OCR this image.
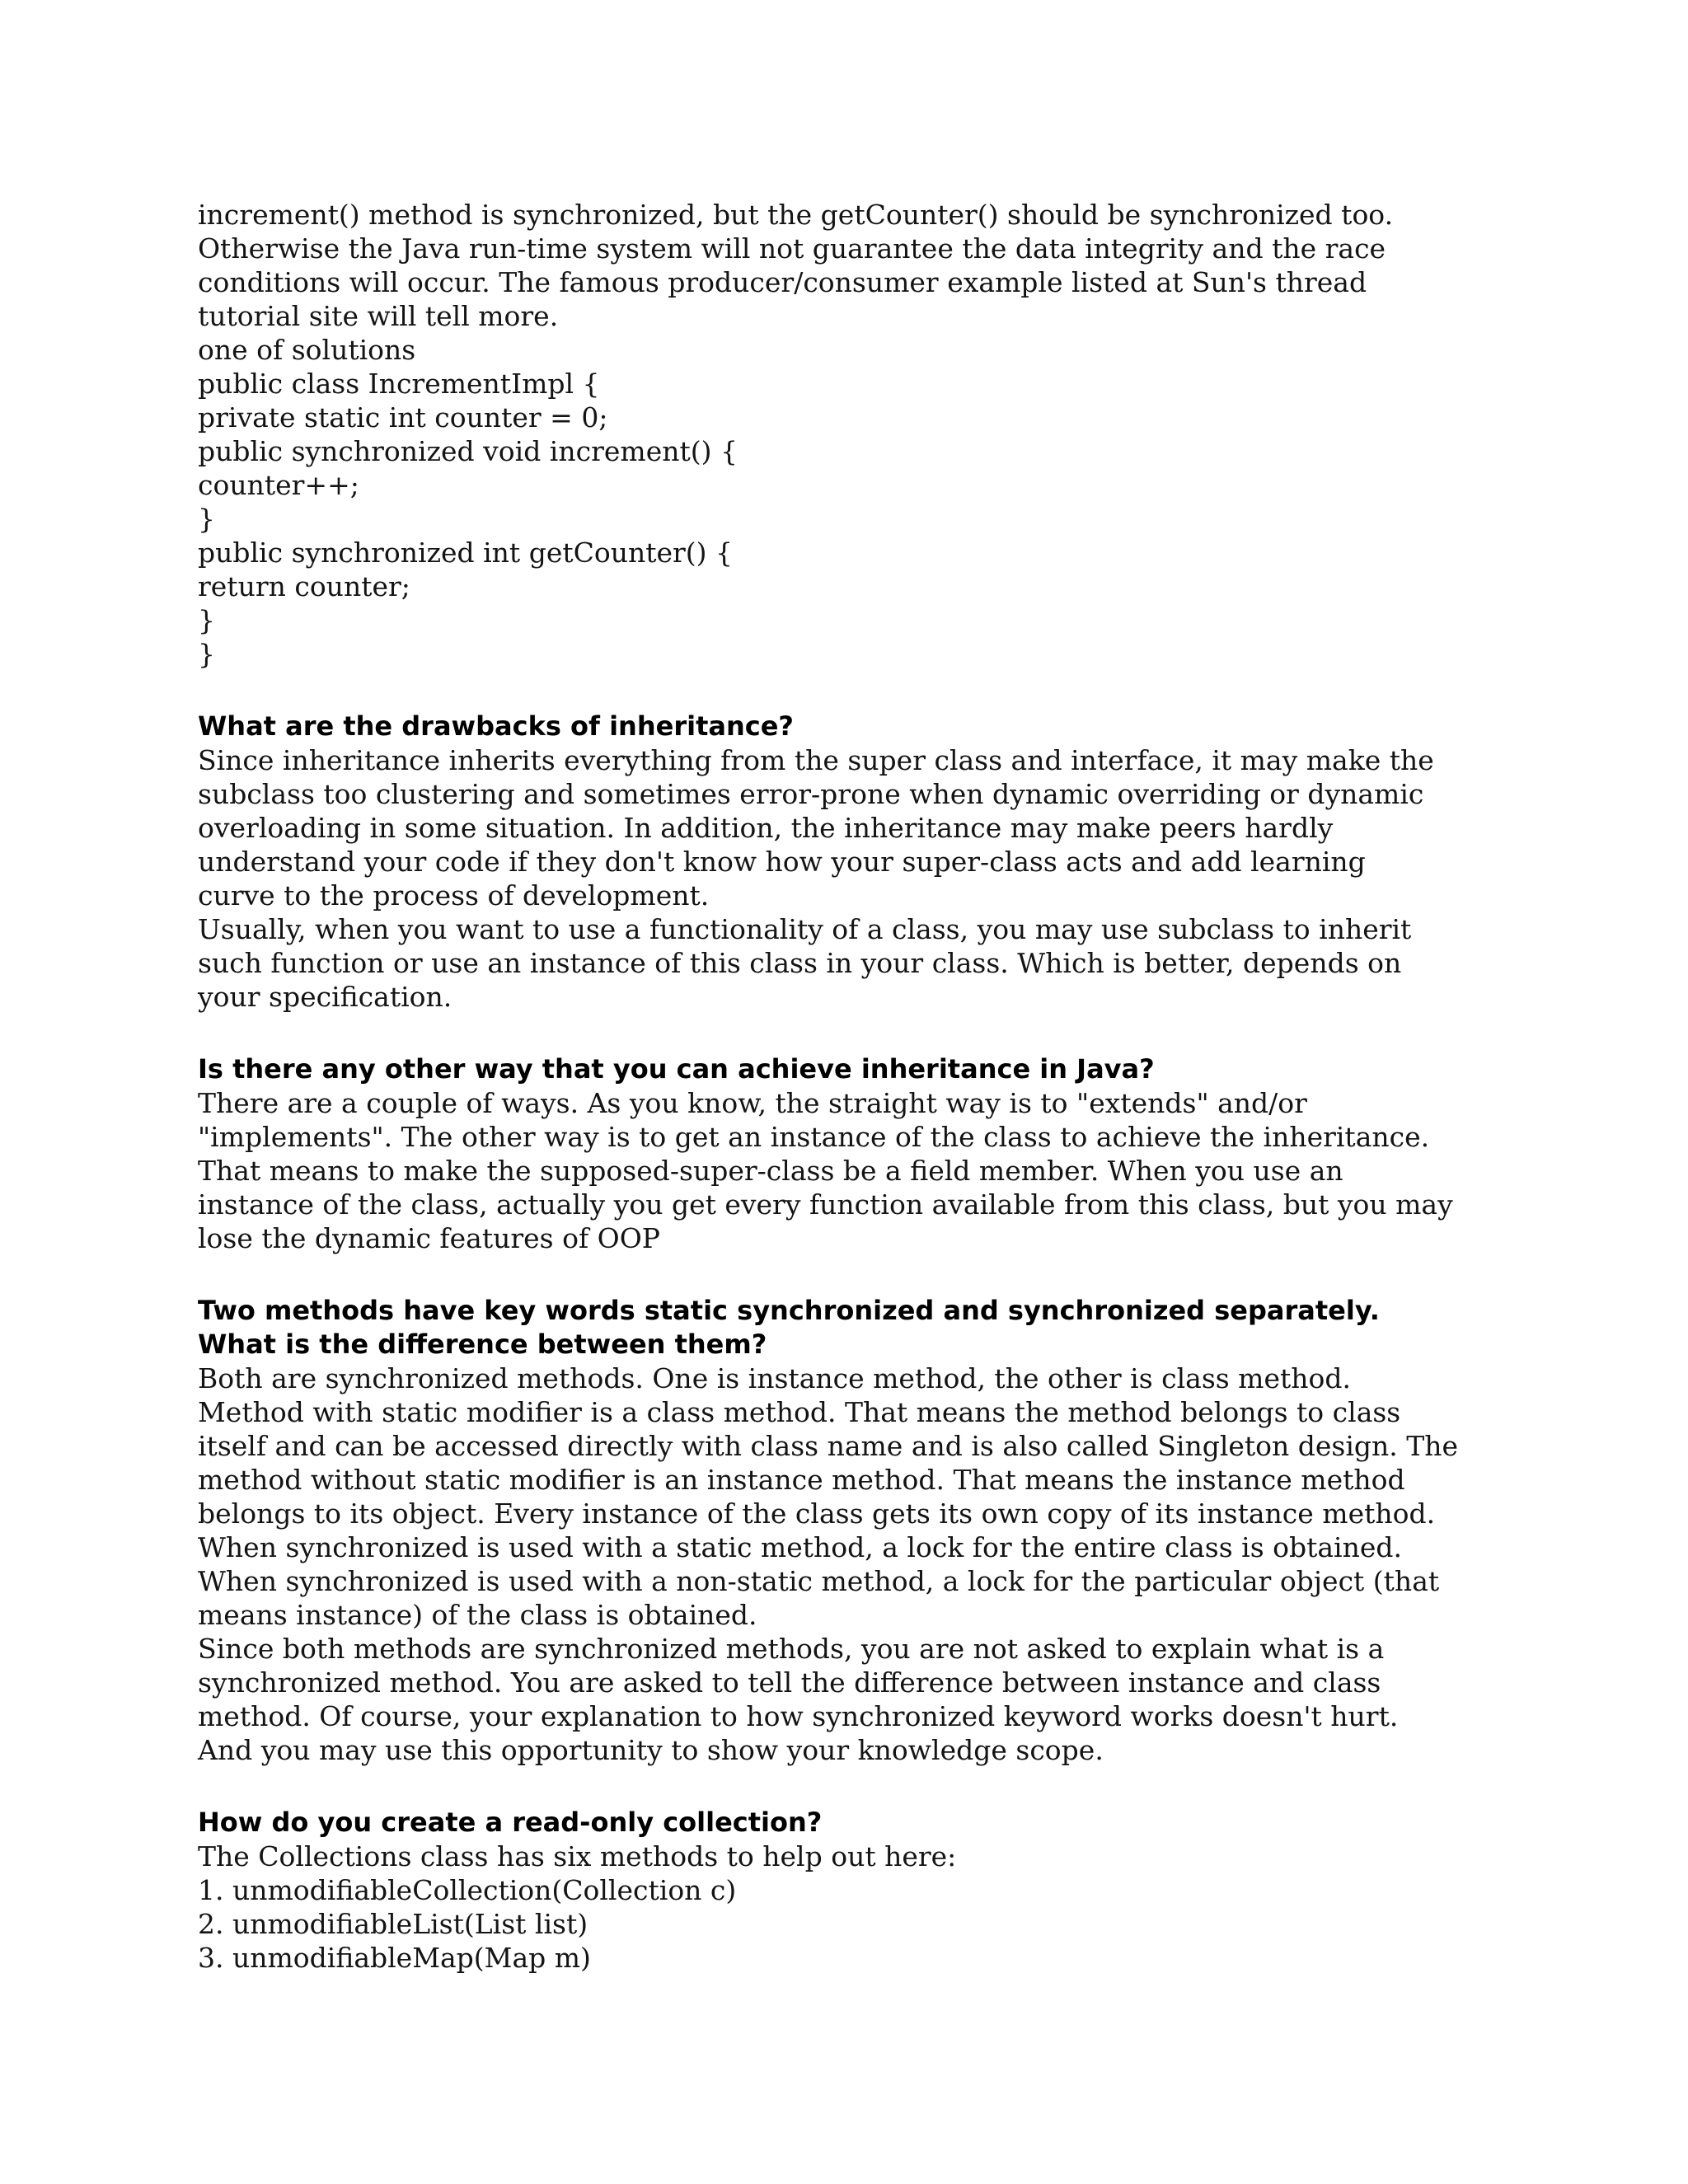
increment() method is synchronized, but the getCounter() should be synchronized too.
Otherwise the Java run-time system will not guarantee the data integrity and the race
conditions will occur. The famous producer/consumer example listed at Sun's thread
tutorial site will tell more.
one of solutions
public class IncrementImpl {
private static int counter = 0;
public synchronized void increment() {
counter++;
}
public synchronized int getCounter() {
return counter;
}
}
What are the drawbacks of inheritance?
Since inheritance inherits everything from the super class and interface, it may make the
subclass too clustering and sometimes error-prone when dynamic overriding or dynamic
overloading in some situation. In addition, the inheritance may make peers hardly
understand your code if they don't know how your super-class acts and add learning
curve to the process of development.
Usually, when you want to use a functionality of a class, you may use subclass to inherit
such function or use an instance of this class in your class. Which is better, depends on
your specification.
Is there any other way that you can achieve inheritance in Java?
There are a couple of ways. As you know, the straight way is to "extends" and/or
"implements". The other way is to get an instance of the class to achieve the inheritance.
That means to make the supposed-super-class be a field member. When you use an
instance of the class, actually you get every function available from this class, but you may
lose the dynamic features of OOP
Two methods have key words static synchronized and synchronized separately.
What is the difference between them?
Both are synchronized methods. One is instance method, the other is class method.
Method with static modifier is a class method. That means the method belongs to class
itself and can be accessed directly with class name and is also called Singleton design. The
method without static modifier is an instance method. That means the instance method
belongs to its object. Every instance of the class gets its own copy of its instance method.
When synchronized is used with a static method, a lock for the entire class is obtained.
When synchronized is used with a non-static method, a lock for the particular object (that
means instance) of the class is obtained.
Since both methods are synchronized methods, you are not asked to explain what is a
synchronized method. You are asked to tell the difference between instance and class
method. Of course, your explanation to how synchronized keyword works doesn't hurt.
And you may use this opportunity to show your knowledge scope.
How do you create a read-only collection?
The Collections class has six methods to help out here:
1. unmodifiableCollection(Collection c)
2. unmodifiableList(List list)
3. unmodifiableMap(Map m)
